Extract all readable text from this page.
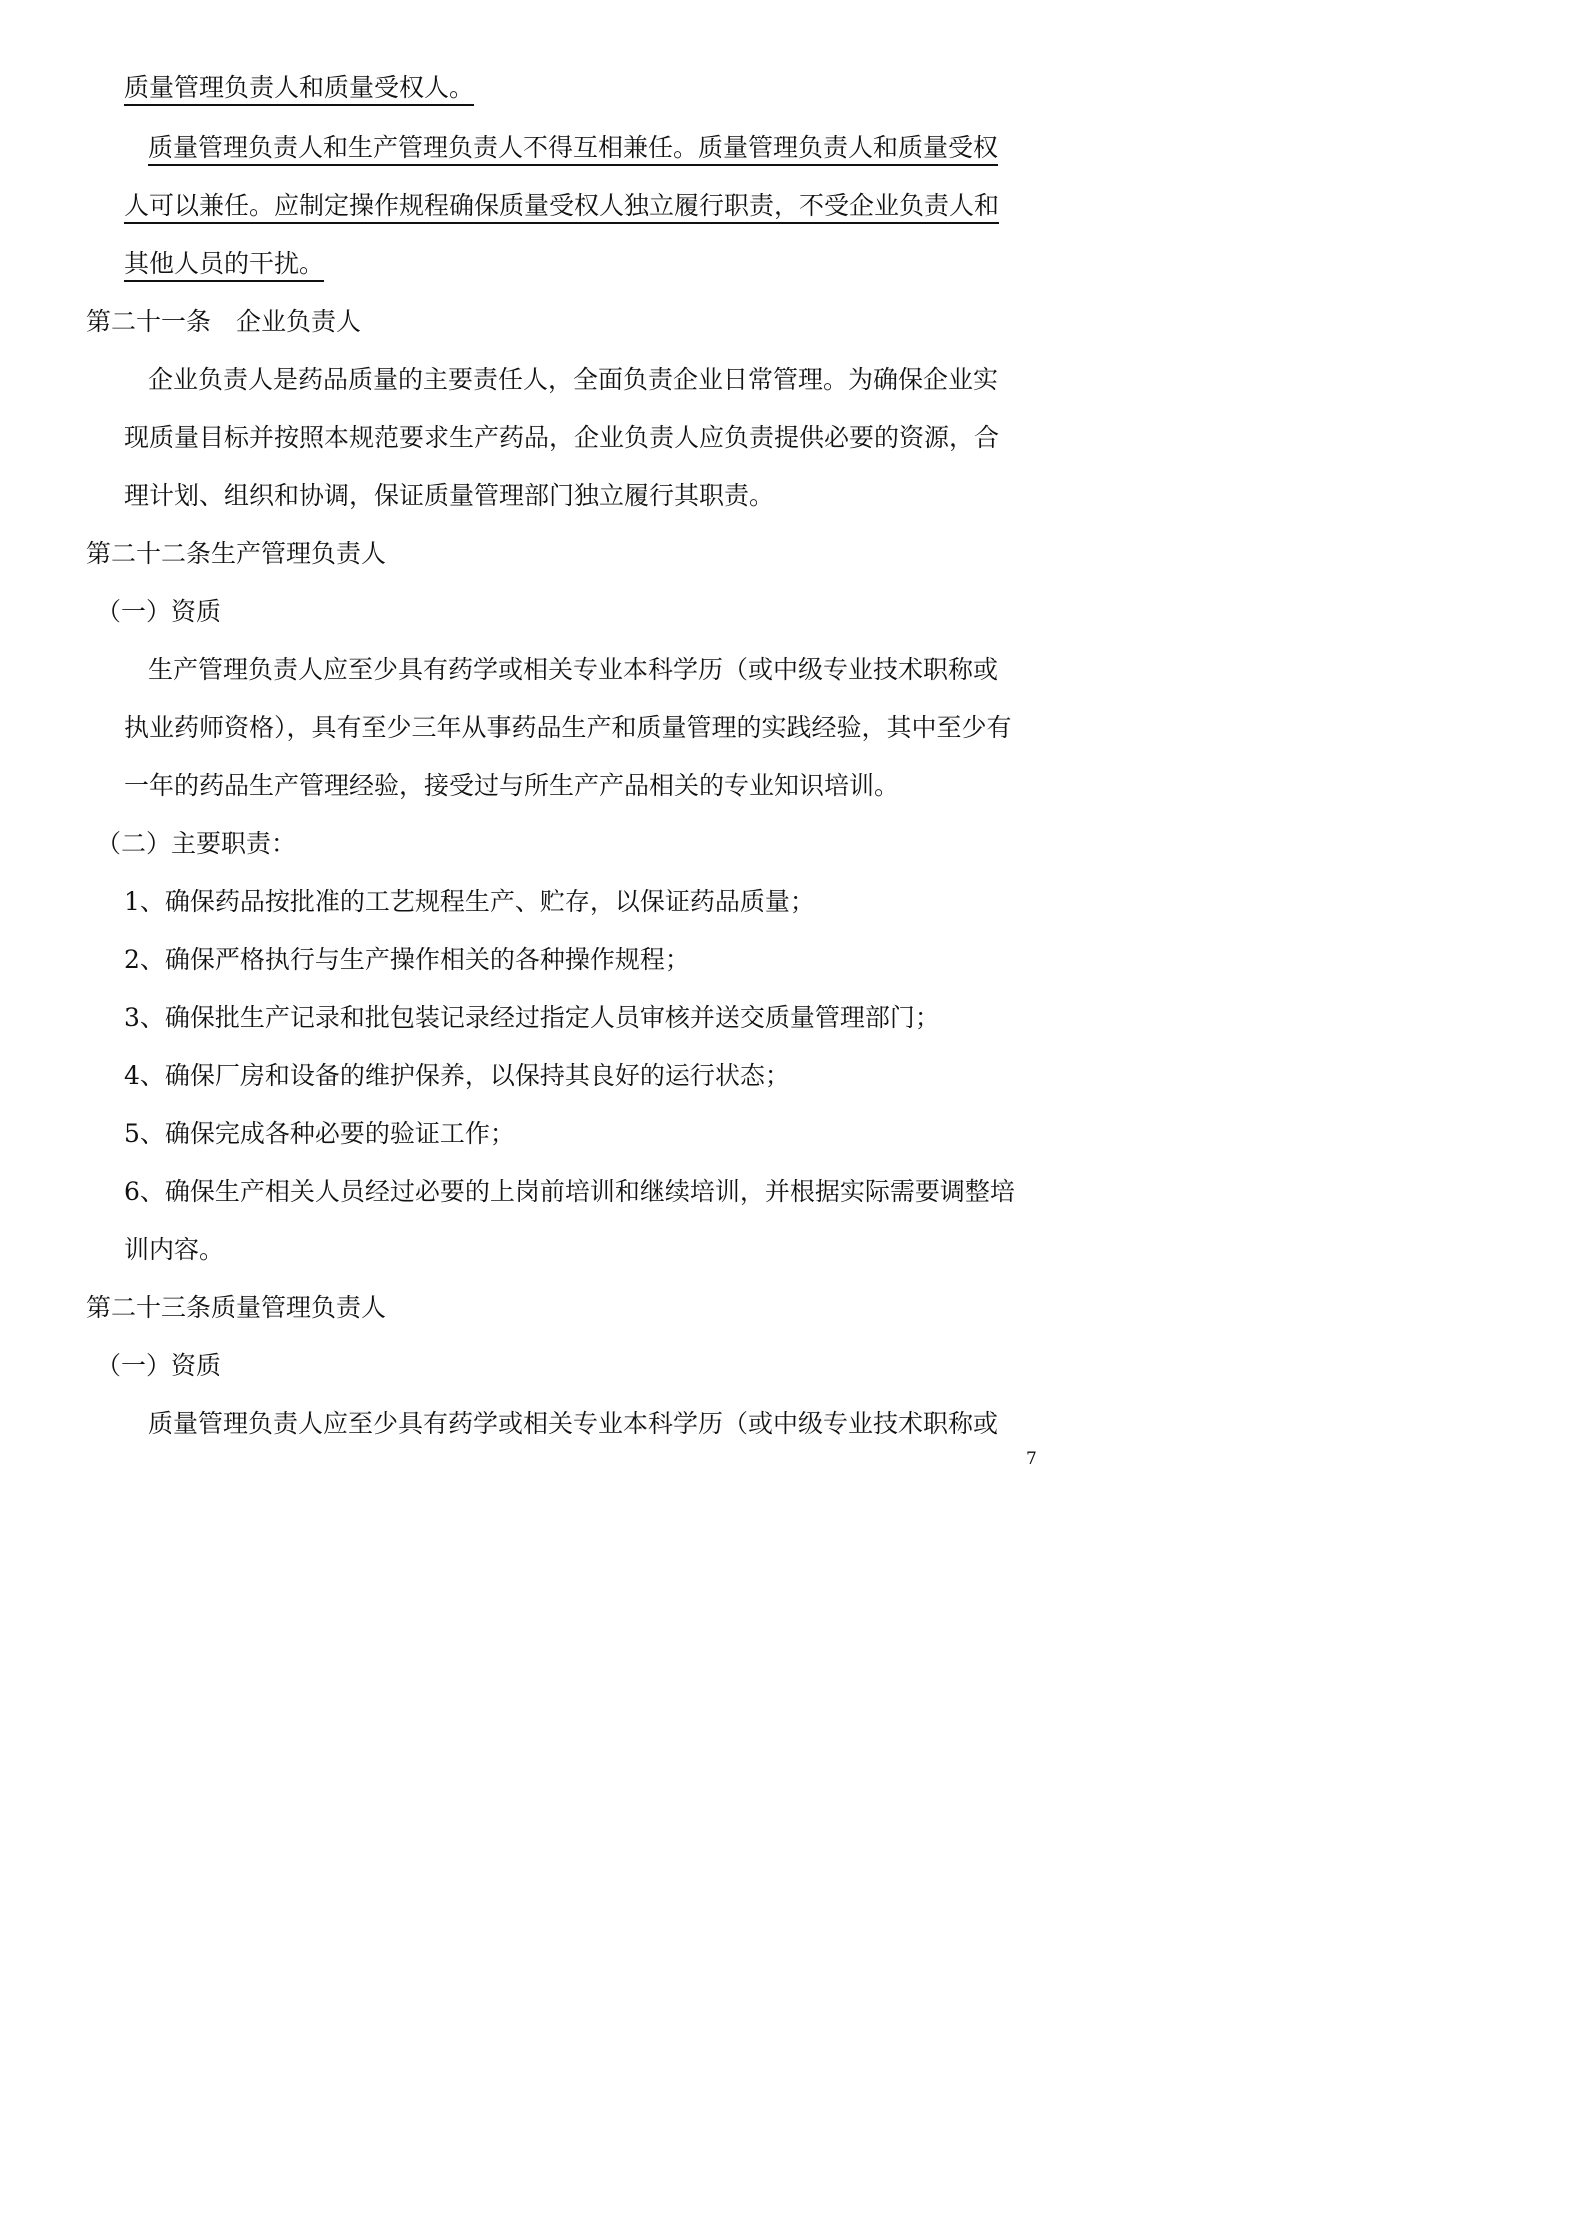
质量管理负责人和质量受权人。
质量管理负责人和生产管理负责人不得互相兼任。质量管理负责人和质量受权
人可以兼任。应制定操作规程确保质量受权人独立履行职责，不受企业负责人和
其他人员的干扰。
第二十一条　企业负责人
企业负责人是药品质量的主要责任人，全面负责企业日常管理。为确保企业实
现质量目标并按照本规范要求生产药品，企业负责人应负责提供必要的资源，合
理计划、组织和协调，保证质量管理部门独立履行其职责。
第二十二条生产管理负责人
（一）资质
生产管理负责人应至少具有药学或相关专业本科学历（或中级专业技术职称或
执业药师资格），具有至少三年从事药品生产和质量管理的实践经验，其中至少有
一年的药品生产管理经验，接受过与所生产产品相关的专业知识培训。
（二）主要职责：
1、确保药品按批准的工艺规程生产、贮存，以保证药品质量；
2、确保严格执行与生产操作相关的各种操作规程；
3、确保批生产记录和批包装记录经过指定人员审核并送交质量管理部门；
4、确保厂房和设备的维护保养，以保持其良好的运行状态；
5、确保完成各种必要的验证工作；
6、确保生产相关人员经过必要的上岗前培训和继续培训，并根据实际需要调整培
训内容。
第二十三条质量管理负责人
（一）资质
质量管理负责人应至少具有药学或相关专业本科学历（或中级专业技术职称或
7
